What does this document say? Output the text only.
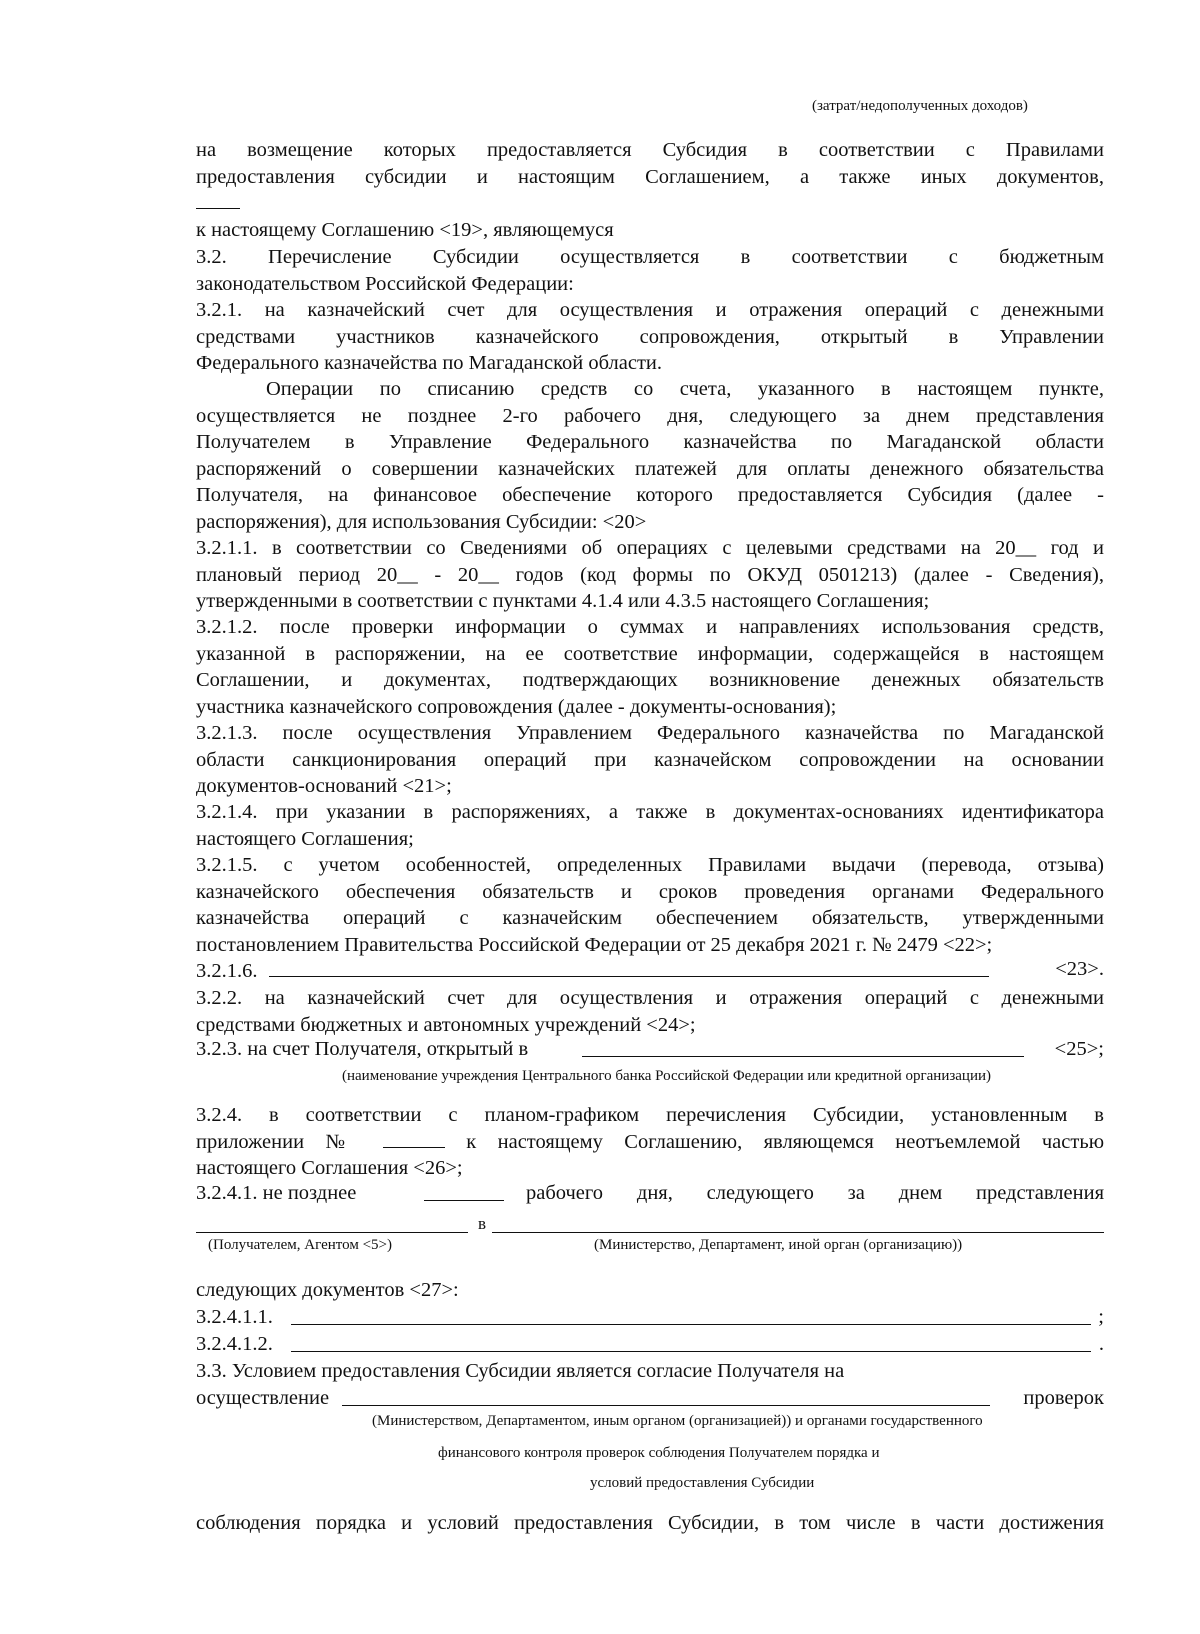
(затрат/недополученных доходов)
на возмещение которых предоставляется Субсидия в соответствии с Правилами
предоставления субсидии и настоящим Соглашением, а также иных документов,
к настоящему Соглашению <19>, являющемуся
3.2. Перечисление Субсидии осуществляется в соответствии с бюджетным
законодательством Российской Федерации:
3.2.1. на казначейский счет для осуществления и отражения операций с денежными
средствами участников казначейского сопровождения, открытый в Управлении
Федерального казначейства по Магаданской области.
Операции по списанию средств со счета, указанного в настоящем пункте,
осуществляется не позднее 2-го рабочего дня, следующего за днем представления
Получателем в Управление Федерального казначейства по Магаданской области
распоряжений о совершении казначейских платежей для оплаты денежного обязательства
Получателя, на финансовое обеспечение которого предоставляется Субсидия (далее -
распоряжения), для использования Субсидии: <20>
3.2.1.1. в соответствии со Сведениями об операциях с целевыми средствами на 20__ год и
плановый период 20__ - 20__ годов (код формы по ОКУД 0501213) (далее - Сведения),
утвержденными в соответствии с пунктами 4.1.4 или 4.3.5 настоящего Соглашения;
3.2.1.2. после проверки информации о суммах и направлениях использования средств,
указанной в распоряжении, на ее соответствие информации, содержащейся в настоящем
Соглашении, и документах, подтверждающих возникновение денежных обязательств
участника казначейского сопровождения (далее - документы-основания);
3.2.1.3. после осуществления Управлением Федерального казначейства по Магаданской
области санкционирования операций при казначейском сопровождении на основании
документов-оснований <21>;
3.2.1.4. при указании в распоряжениях, а также в документах-основаниях идентификатора
настоящего Соглашения;
3.2.1.5. с учетом особенностей, определенных Правилами выдачи (перевода, отзыва)
казначейского обеспечения обязательств и сроков проведения органами Федерального
казначейства операций с казначейским обеспечением обязательств, утвержденными
постановлением Правительства Российской Федерации от 25 декабря 2021 г. № 2479 <22>;
3.2.1.6.	<23>.
3.2.2. на казначейский счет для осуществления и отражения операций с денежными
средствами бюджетных и автономных учреждений <24>;
3.2.3. на счет Получателя, открытый в	<25>;
(наименование учреждения Центрального банка Российской Федерации или кредитной организации)
3.2.4. в соответствии с планом-графиком перечисления Субсидии, установленным в
приложении №	к настоящему Соглашению, являющемся неотъемлемой частью
настоящего Соглашения <26>;
3.2.4.1. не позднее	рабочего дня, следующего за днем представления
в
(Получателем, Агентом <5>)	(Министерство, Департамент, иной орган (организацию))
следующих документов <27>:
3.2.4.1.1.	;
3.2.4.1.2.	.
3.3. Условием предоставления Субсидии является согласие Получателя на
осуществление	проверок
(Министерством, Департаментом, иным органом (организацией)) и органами государственного
финансового контроля проверок соблюдения Получателем порядка и
условий предоставления Субсидии
соблюдения порядка и условий предоставления Субсидии, в том числе в части достижения
